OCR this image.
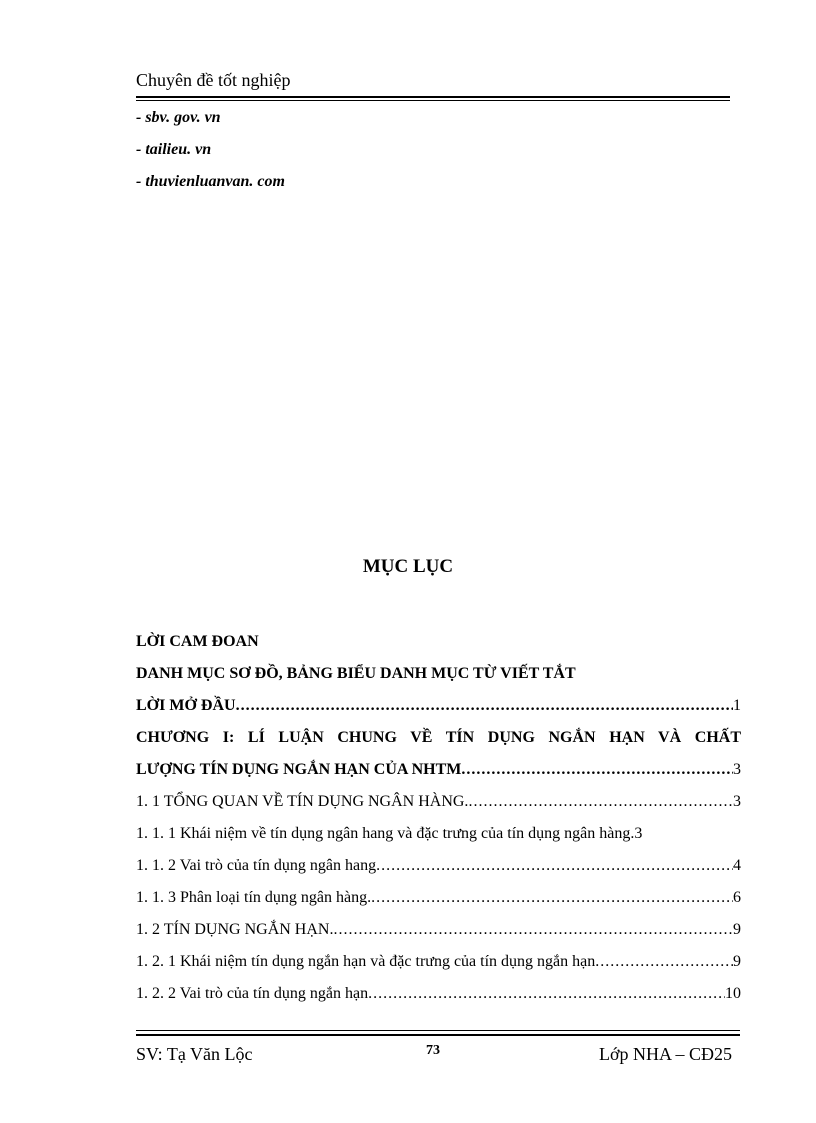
Chuyên đề tốt nghiệp
- sbv. gov. vn
- tailieu. vn
- thuvienluanvan. com
MỤC LỤC
LỜI CAM ĐOAN
DANH MỤC SƠ ĐỒ, BẢNG BIỂU DANH MỤC TỪ VIẾT TẮT
LỜI MỞ ĐẦU .....	1
CHƯƠNG I: LÍ LUẬN CHUNG VỀ TÍN DỤNG NGẮN HẠN VÀ CHẤT
LƯỢNG TÍN DỤNG NGẮN HẠN CỦA NHTM .....	3
1. 1 TỔNG QUAN VỀ TÍN DỤNG NGÂN HÀNG. .....	3
1. 1. 1 Khái niệm về tín dụng ngân hang và đặc trưng của tín dụng ngân hàng. 3
1. 1. 2 Vai trò của tín dụng ngân hang .....	4
1. 1. 3 Phân loại tín dụng ngân hàng. .....	6
1. 2 TÍN DỤNG NGẮN HẠN. .....	9
1. 2. 1 Khái niệm tín dụng ngắn hạn và đặc trưng của tín dụng ngắn hạn .....	9
1. 2. 2 Vai trò của tín dụng ngắn hạn .....	10
SV: Tạ Văn Lộc	73	Lớp NHA – CĐ25
